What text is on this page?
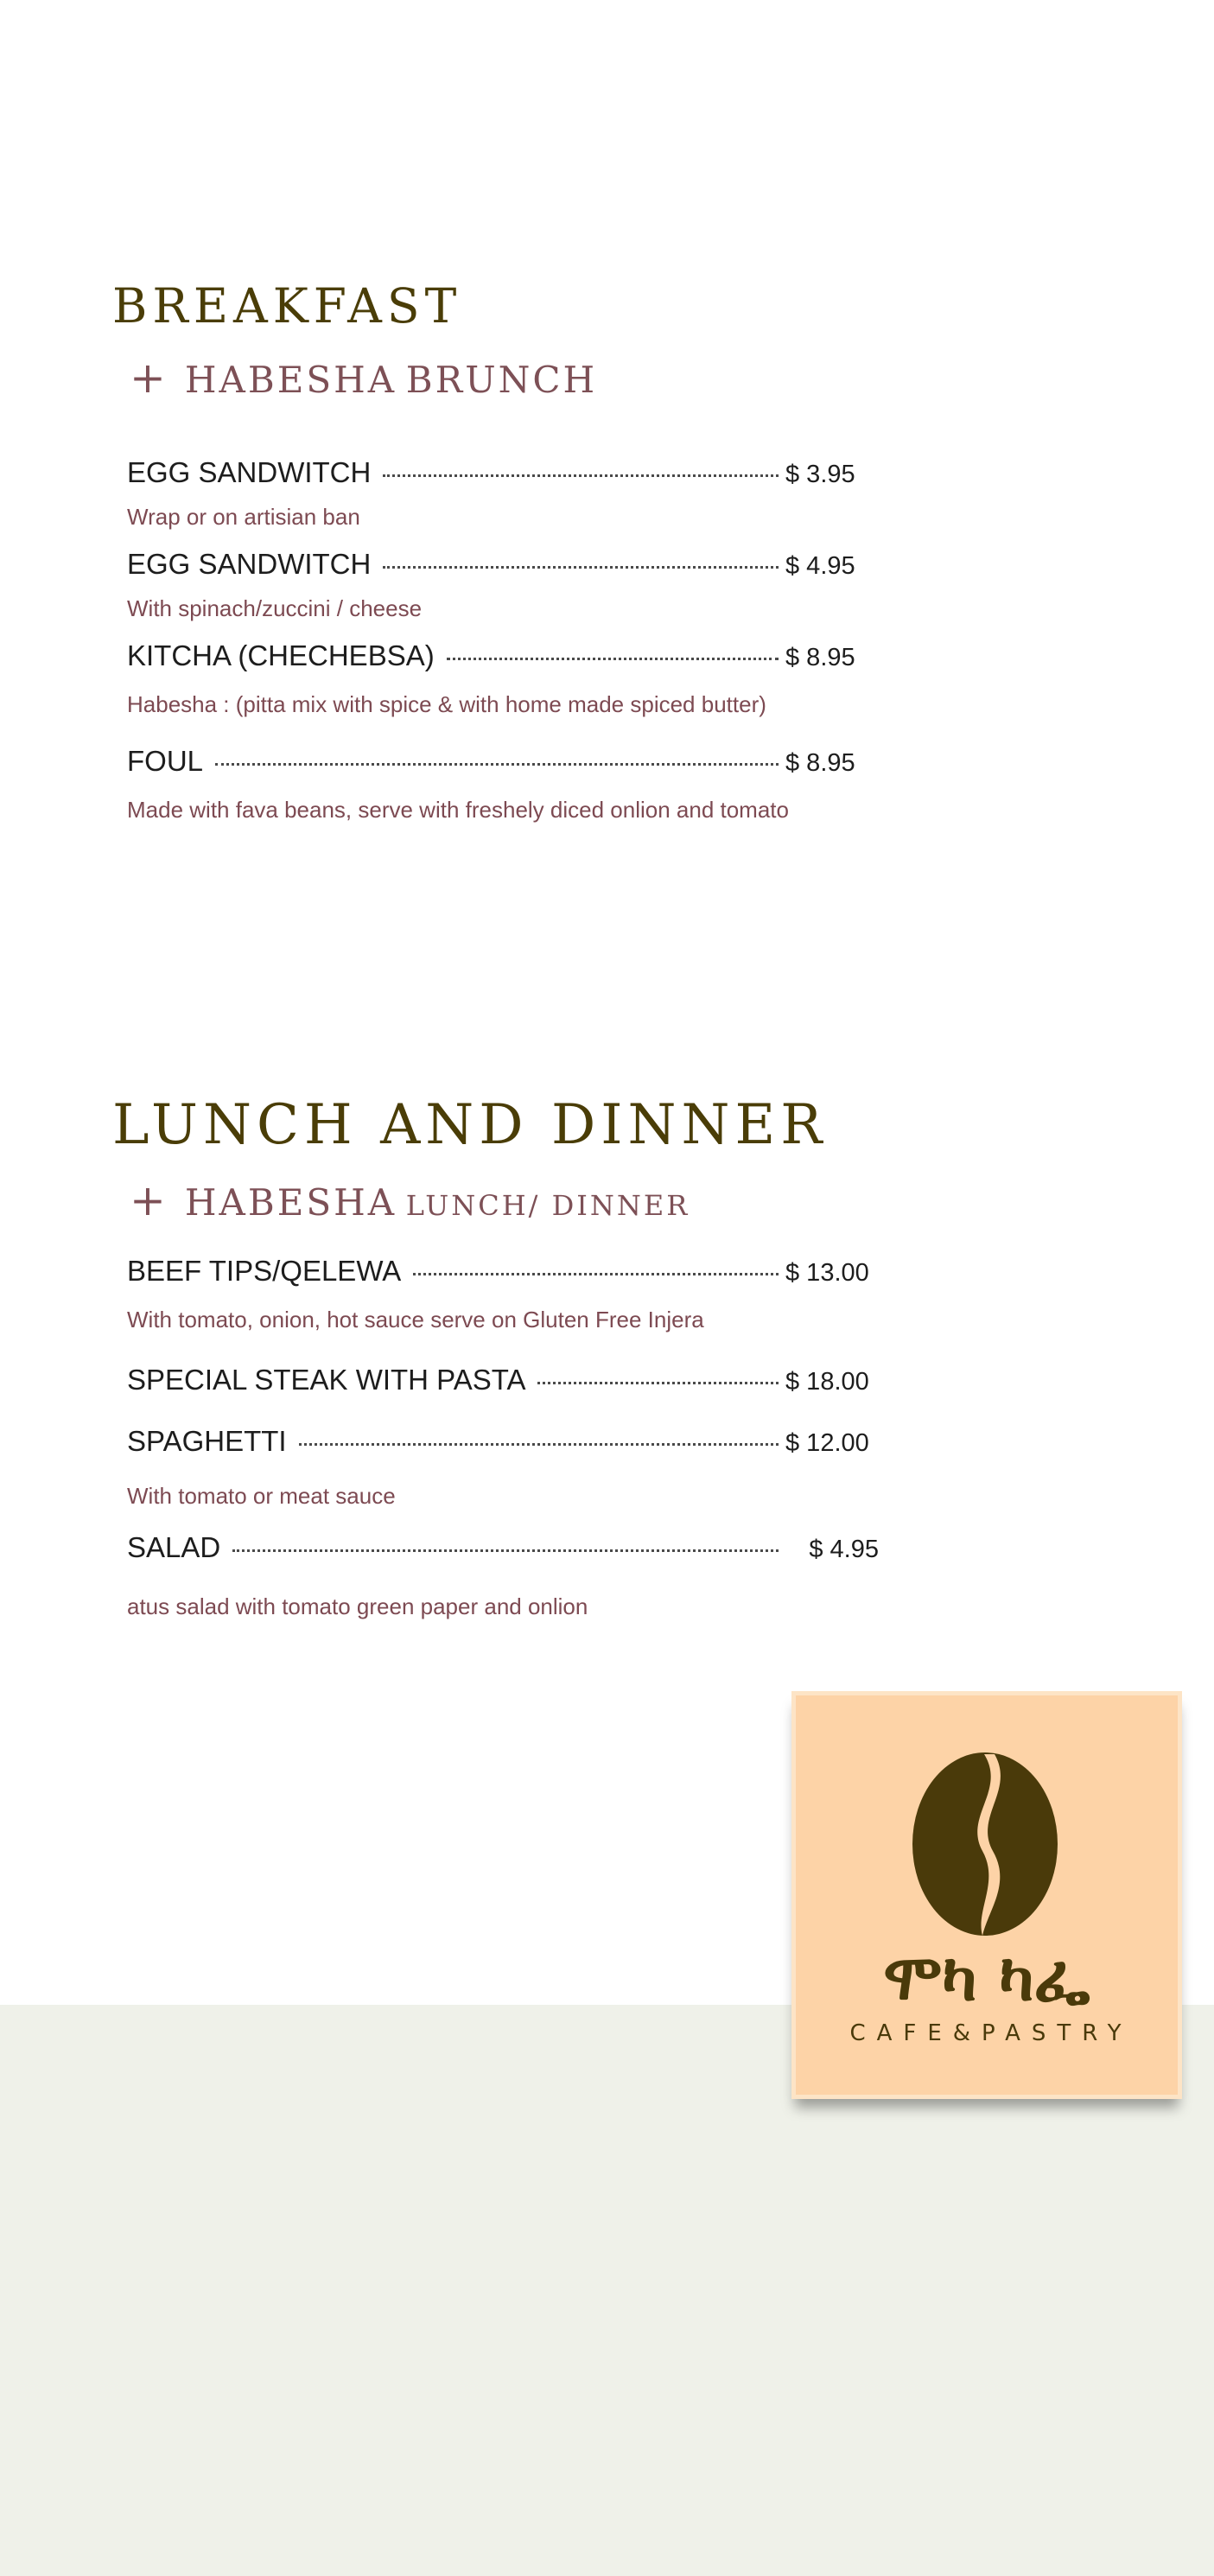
BREAKFAST
+ HABESHA BRUNCH
EGG SANDWITCH	$ 3.95

Wrap or on artisian ban

EGG SANDWITCH	$ 4.95

With spinach/zuccini / cheese

KITCHA (CHECHEBSA)	$ 8.95

Habesha : (pitta mix with spice & with home made spiced butter)

FOUL	$ 8.95

Made with fava beans, serve with freshely diced onlion and tomato

LUNCH AND DINNER
+ HABESHA LUNCH/ DINNER
BEEF TIPS/QELEWA	$ 13.00

With tomato, onion, hot sauce serve on Gluten Free Injera

SPECIAL STEAK WITH PASTA	$ 18.00
SPAGHETTI	$ 12.00

With tomato or meat sauce

SALAD	$ 4.95

atus salad with tomato green paper and onlion

ሞካ ካፌ
CAFE&PASTRY
